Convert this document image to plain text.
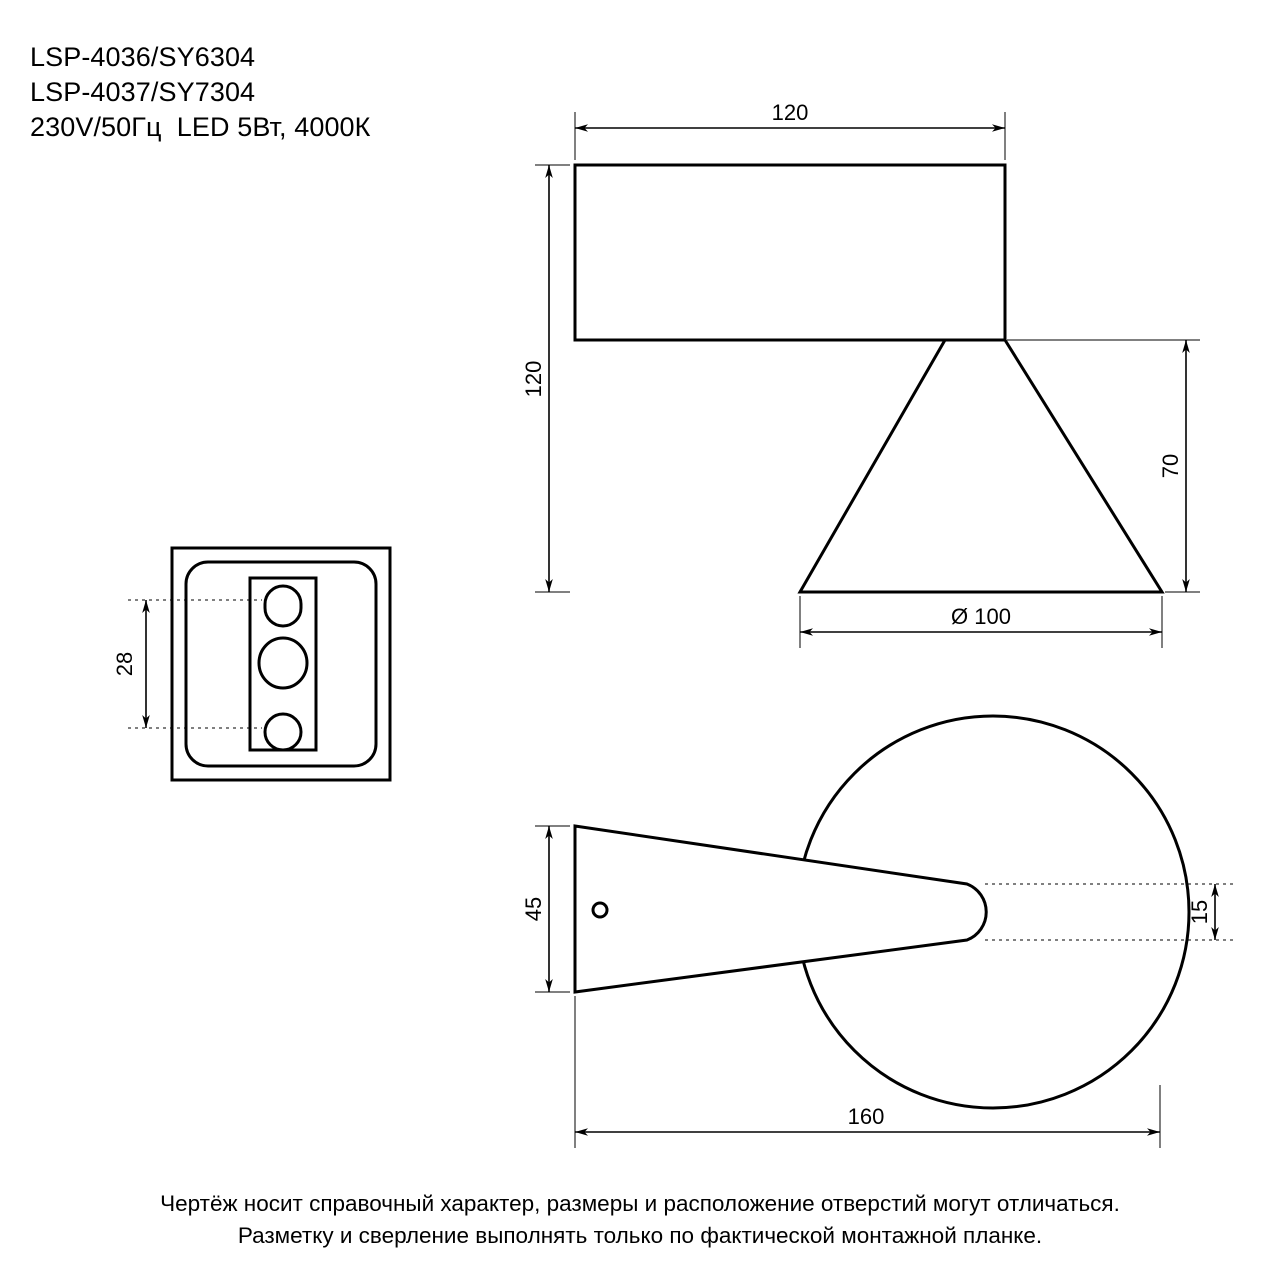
LSP-4036/SY6304
LSP-4037/SY7304
230V/50Гц  LED 5Вт, 4000К	120
120
70
Ø 100
28
45	15
160
Чертёж носит справочный характер, размеры и расположение отверстий могут отличаться.
Разметку и сверление выполнять только по фактической монтажной планке.
